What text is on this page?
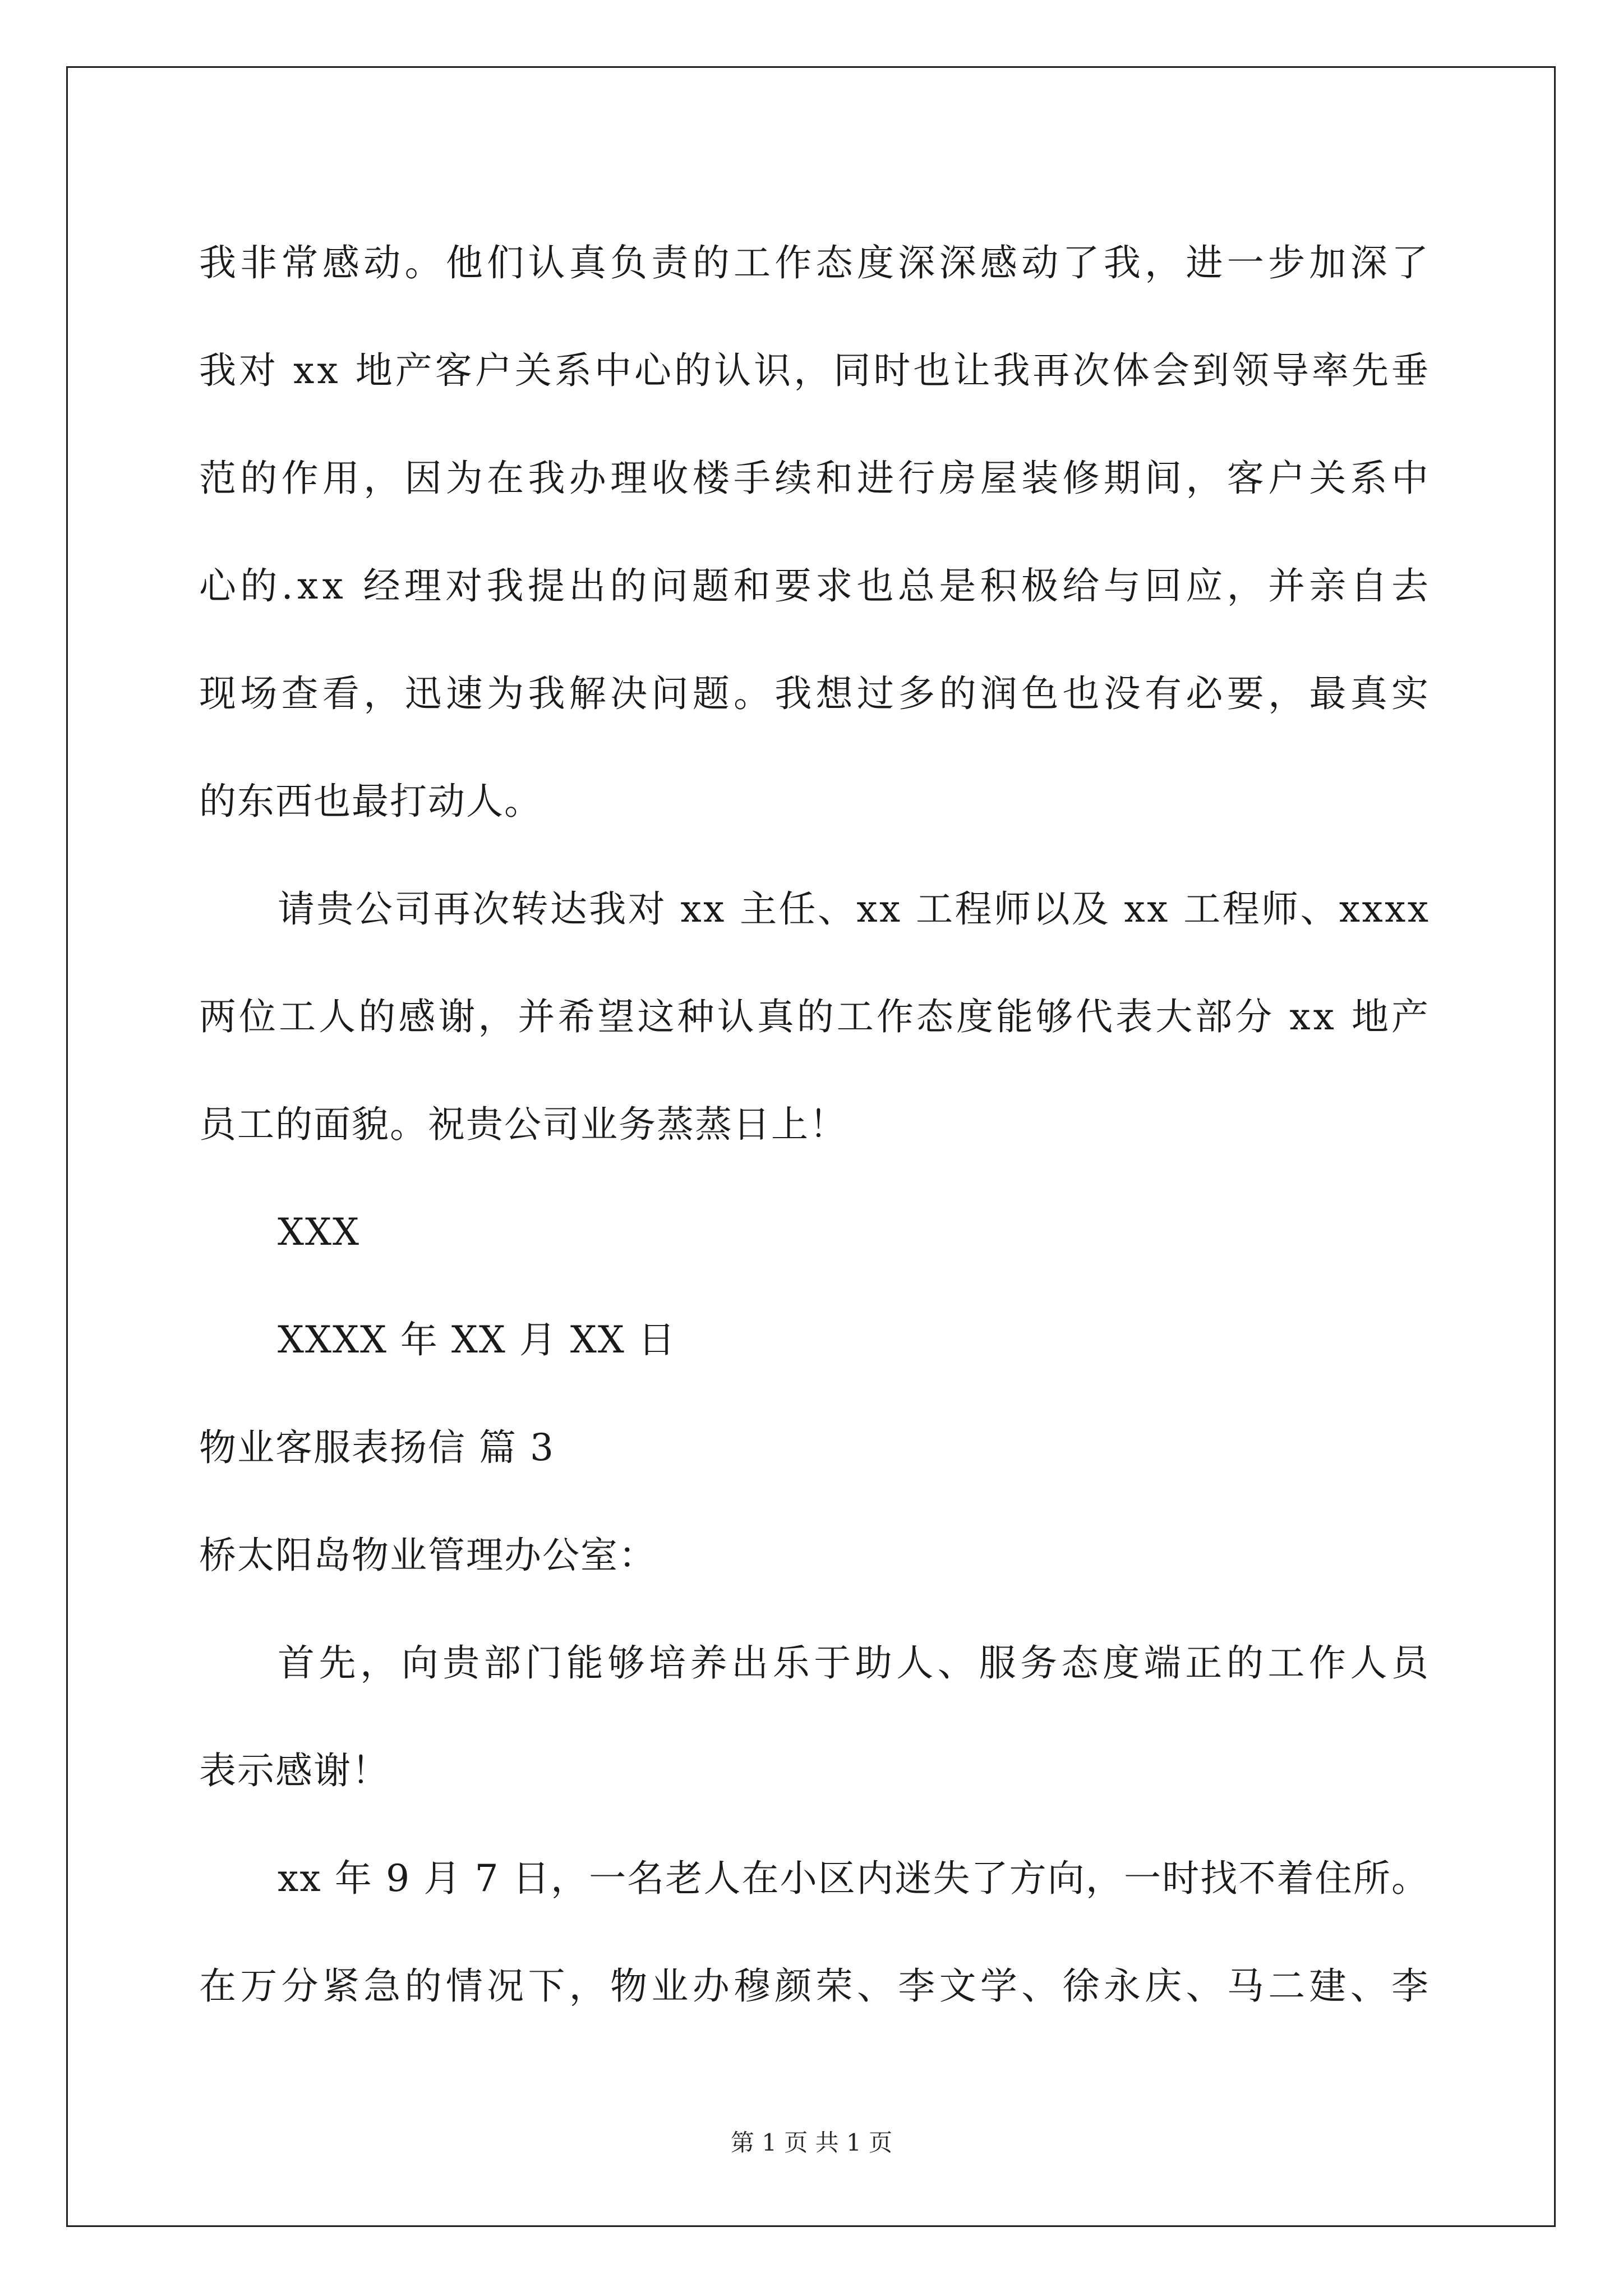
我非常感动。他们认真负责的工作态度深深感动了我，进一步加深了
我对 xx 地产客户关系中心的认识，同时也让我再次体会到领导率先垂
范的作用，因为在我办理收楼手续和进行房屋装修期间，客户关系中
心的.xx 经理对我提出的问题和要求也总是积极给与回应，并亲自去
现场查看，迅速为我解决问题。我想过多的润色也没有必要，最真实
的东西也最打动人。
请贵公司再次转达我对 xx 主任、xx 工程师以及 xx 工程师、xxxx
两位工人的感谢，并希望这种认真的工作态度能够代表大部分 xx 地产
员工的面貌。祝贵公司业务蒸蒸日上！
XXX
XXXX 年 XX 月 XX 日
物业客服表扬信 篇 3
桥太阳岛物业管理办公室：
首先，向贵部门能够培养出乐于助人、服务态度端正的工作人员
表示感谢！
xx 年 9 月 7 日，一名老人在小区内迷失了方向，一时找不着住所。
在万分紧急的情况下，物业办穆颜荣、李文学、徐永庆、马二建、李
第 1 页 共 1 页
